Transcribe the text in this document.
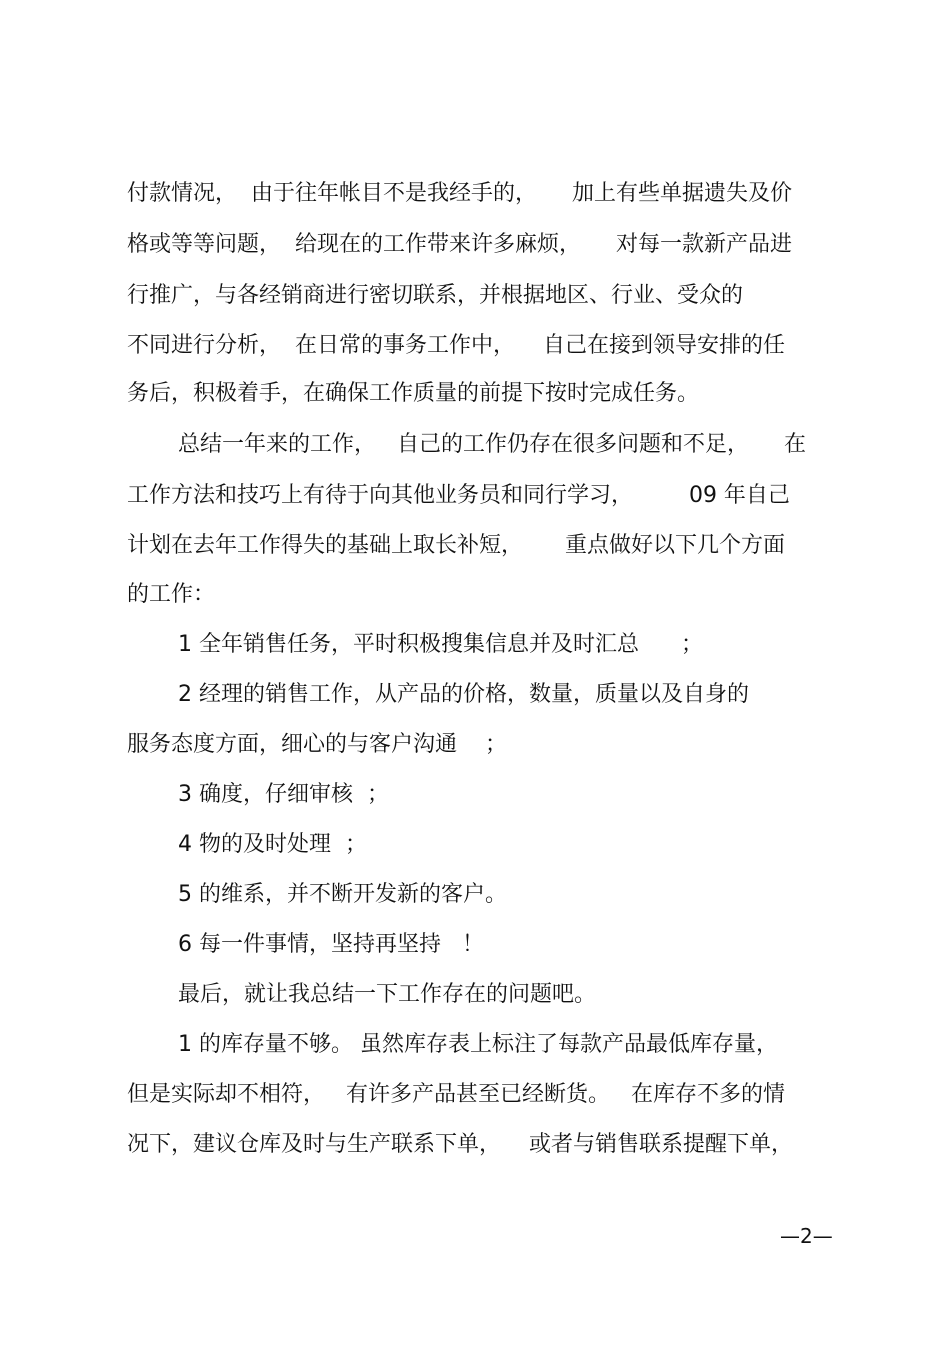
付款情况，  由于往年帐目不是我经手的，     加上有些单据遗失及价
格或等等问题，  给现在的工作带来许多麻烦，     对每一款新产品进
行推广，与各经销商进行密切联系，并根据地区、行业、受众的
不同进行分析，  在日常的事务工作中，    自己在接到领导安排的任
务后，积极着手，在确保工作质量的前提下按时完成任务。
总结一年来的工作，   自己的工作仍存在很多问题和不足，     在
工作方法和技巧上有待于向其他业务员和同行学习，        09 年自己
计划在去年工作得失的基础上取长补短，      重点做好以下几个方面
的工作：
1 全年销售任务，平时积极搜集信息并及时汇总      ；
2 经理的销售工作，从产品的价格，数量，质量以及自身的
服务态度方面，细心的与客户沟通    ；
3 确度，仔细审核  ；
4 物的及时处理  ；
5 的维系，并不断开发新的客户。
6 每一件事情，坚持再坚持   ！
最后，就让我总结一下工作存在的问题吧。
1 的库存量不够。 虽然库存表上标注了每款产品最低库存量，
但是实际却不相符，   有许多产品甚至已经断货。   在库存不多的情
况下，建议仓库及时与生产联系下单，    或者与销售联系提醒下单，
—2—
